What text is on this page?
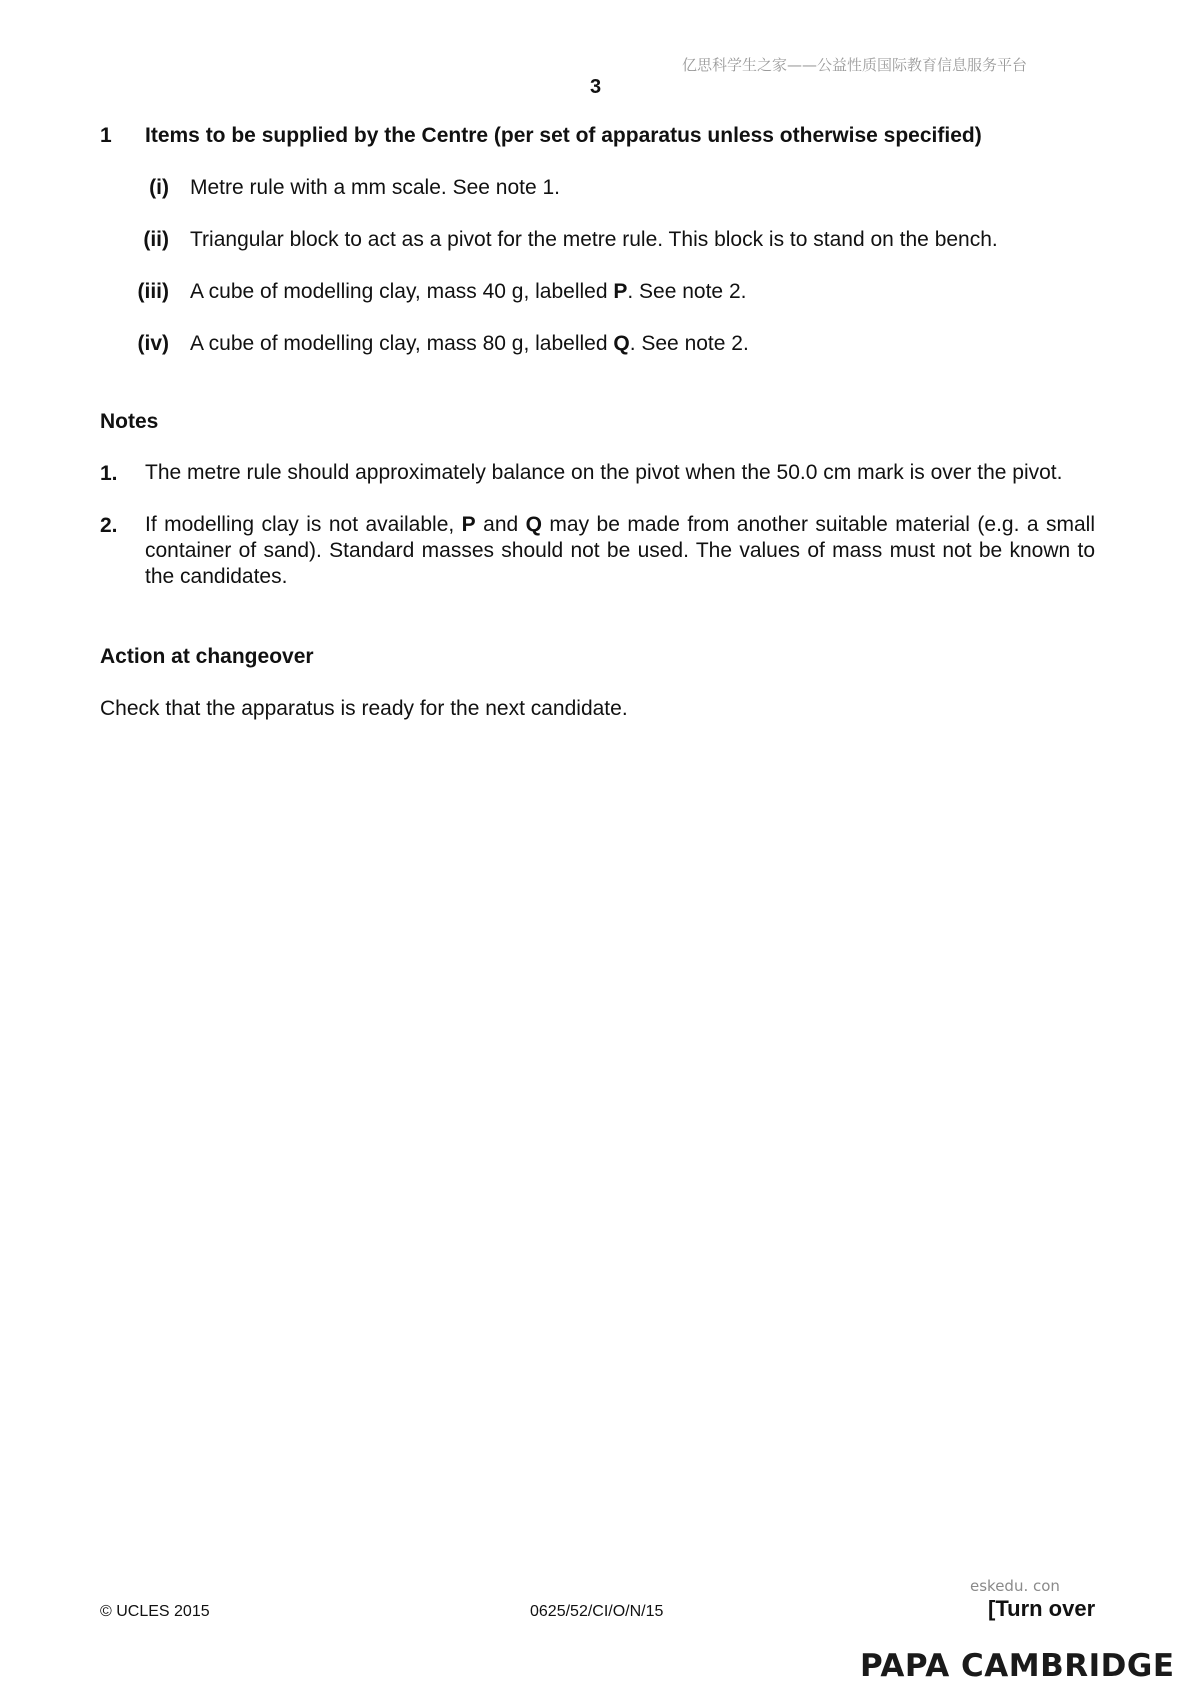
亿思科学生之家——公益性质国际教育信息服务平台
3
1 Items to be supplied by the Centre (per set of apparatus unless otherwise specified)
(i) Metre rule with a mm scale. See note 1.
(ii) Triangular block to act as a pivot for the metre rule. This block is to stand on the bench.
(iii) A cube of modelling clay, mass 40 g, labelled P. See note 2.
(iv) A cube of modelling clay, mass 80 g, labelled Q. See note 2.
Notes
1. The metre rule should approximately balance on the pivot when the 50.0 cm mark is over the pivot.
2. If modelling clay is not available, P and Q may be made from another suitable material (e.g. a small container of sand). Standard masses should not be used. The values of mass must not be known to the candidates.
Action at changeover
Check that the apparatus is ready for the next candidate.
© UCLES 2015	0625/52/CI/O/N/15
eskedu. con
[Turn over
PAPA CAMBRIDGE
